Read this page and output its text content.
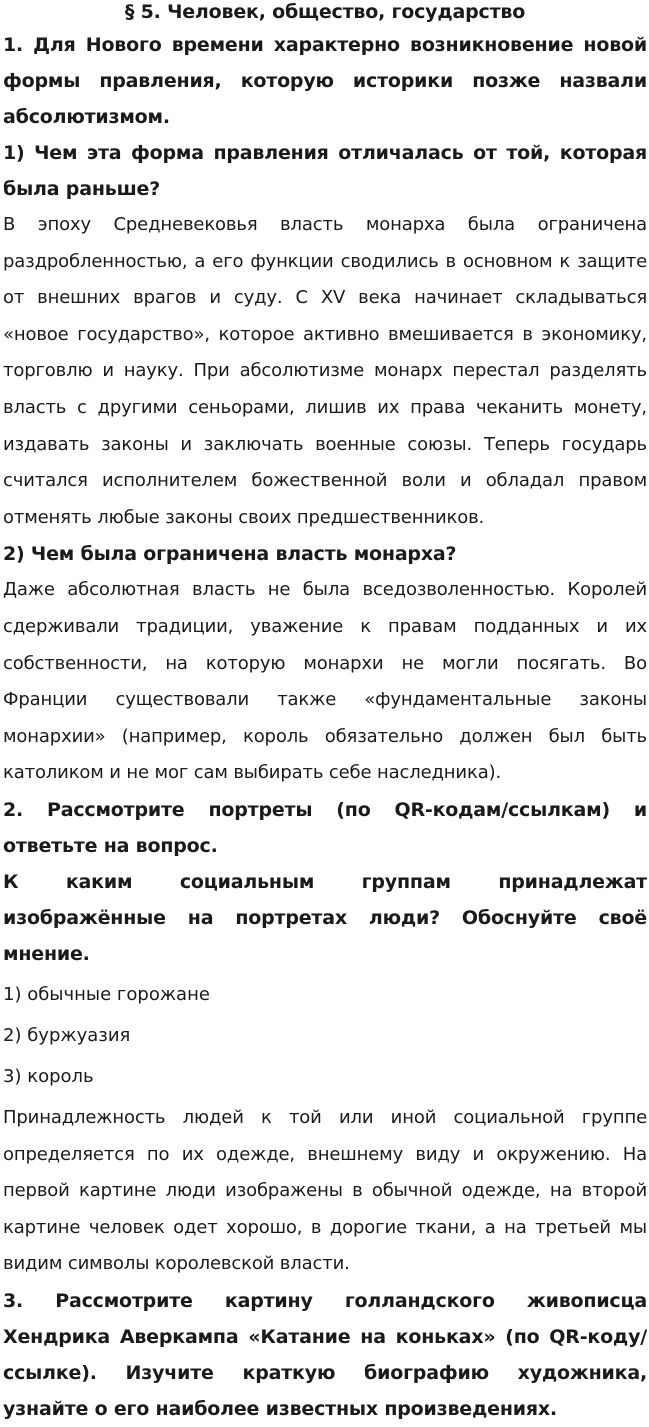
§ 5. Человек, общество, государство

1. Для Нового времени характерно возникновение новой формы правления, которую историки позже назвали абсолютизмом.

1) Чем эта форма правления отличалась от той, которая была раньше?

В эпоху Средневековья власть монарха была ограничена раздробленностью, а его функции сводились в основном к защите от внешних врагов и суду. С XV века начинает складываться «новое государство», которое активно вмешивается в экономику, торговлю и науку. При абсолютизме монарх перестал разделять власть с другими сеньорами, лишив их права чеканить монету, издавать законы и заключать военные союзы. Теперь государь считался исполнителем божественной воли и обладал правом отменять любые законы своих предшественников.

2) Чем была ограничена власть монарха?

Даже абсолютная власть не была вседозволенностью. Королей сдерживали традиции, уважение к правам подданных и их собственности, на которую монархи не могли посягать. Во Франции существовали также «фундаментальные законы монархии» (например, король обязательно должен был быть католиком и не мог сам выбирать себе наследника).

2. Рассмотрите портреты (по QR-кодам/ссылкам) и ответьте на вопрос.

К каким социальным группам принадлежат изображённые на портретах люди? Обоснуйте своё мнение.

1) обычные горожане

2) буржуазия

3) король

Принадлежность людей к той или иной социальной группе определяется по их одежде, внешнему виду и окружению. На первой картине люди изображены в обычной одежде, на второй картине человек одет хорошо, в дорогие ткани, а на третьей мы видим символы королевской власти.

3. Рассмотрите картину голландского живописца Хендрика Аверкампа «Катание на коньках» (по QR-коду/ссылке). Изучите краткую биографию художника, узнайте о его наиболее известных произведениях.
